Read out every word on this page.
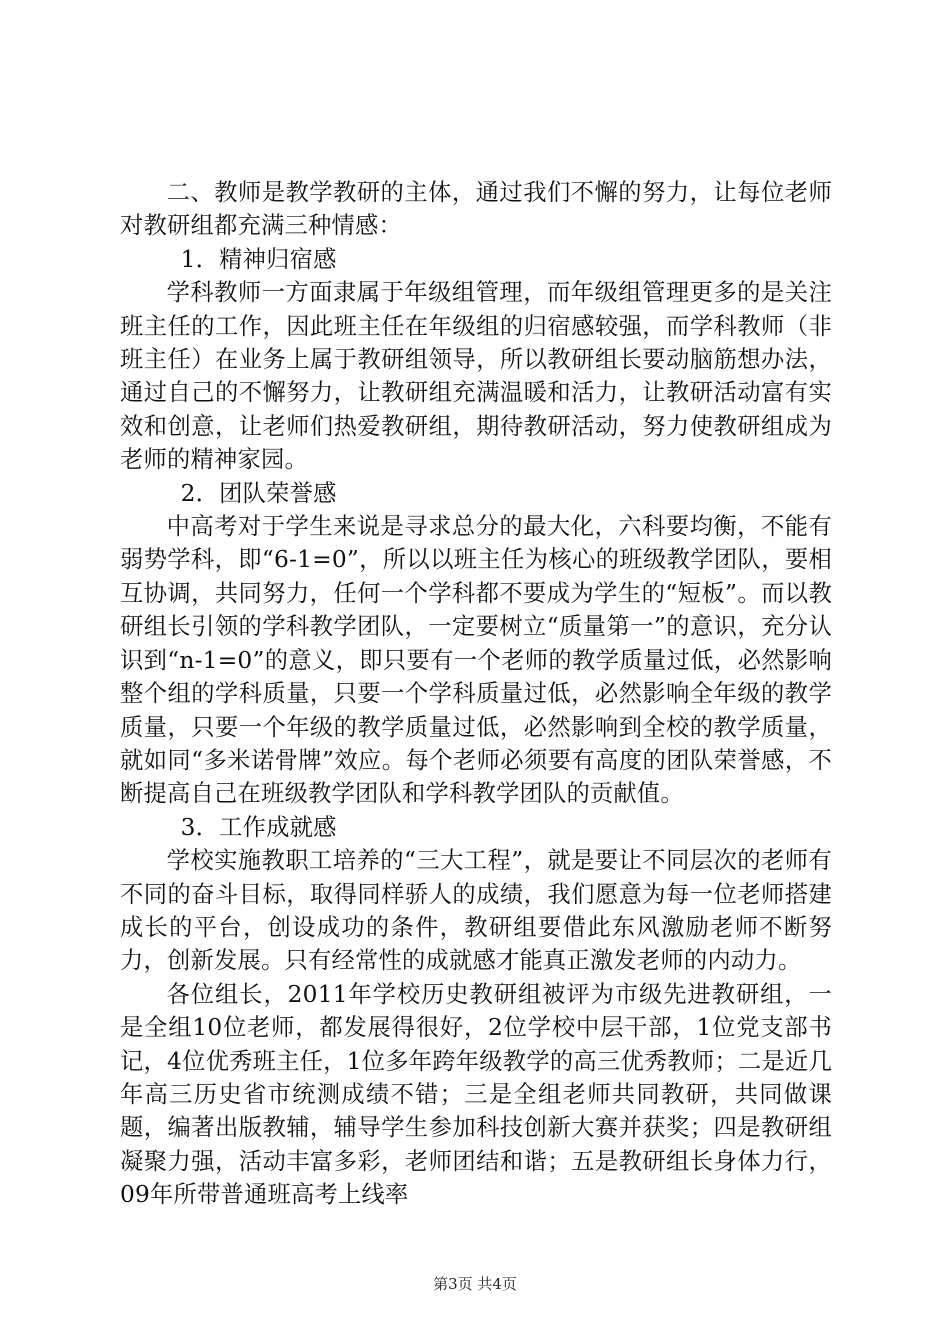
二、教师是教学教研的主体，通过我们不懈的努力，让每位老师对教研组都充满三种情感：

1．精神归宿感

学科教师一方面隶属于年级组管理，而年级组管理更多的是关注班主任的工作，因此班主任在年级组的归宿感较强，而学科教师（非班主任）在业务上属于教研组领导，所以教研组长要动脑筋想办法，通过自己的不懈努力，让教研组充满温暖和活力，让教研活动富有实效和创意，让老师们热爱教研组，期待教研活动，努力使教研组成为老师的精神家园。

2．团队荣誉感

中高考对于学生来说是寻求总分的最大化，六科要均衡，不能有弱势学科，即“6-1=0”，所以以班主任为核心的班级教学团队，要相互协调，共同努力，任何一个学科都不要成为学生的“短板”。而以教研组长引领的学科教学团队，一定要树立“质量第一”的意识，充分认识到“n-1=0”的意义，即只要有一个老师的教学质量过低，必然影响整个组的学科质量，只要一个学科质量过低，必然影响全年级的教学质量，只要一个年级的教学质量过低，必然影响到全校的教学质量，就如同“多米诺骨牌”效应。每个老师必须要有高度的团队荣誉感，不断提高自己在班级教学团队和学科教学团队的贡献值。

3．工作成就感

学校实施教职工培养的“三大工程”，就是要让不同层次的老师有不同的奋斗目标，取得同样骄人的成绩，我们愿意为每一位老师搭建成长的平台，创设成功的条件，教研组要借此东风激励老师不断努力，创新发展。只有经常性的成就感才能真正激发老师的内动力。

各位组长，2011年学校历史教研组被评为市级先进教研组，一是全组10位老师，都发展得很好，2位学校中层干部，1位党支部书记，4位优秀班主任，1位多年跨年级教学的高三优秀教师；二是近几年高三历史省市统测成绩不错；三是全组老师共同教研，共同做课题，编著出版教辅，辅导学生参加科技创新大赛并获奖；四是教研组凝聚力强，活动丰富多彩，老师团结和谐；五是教研组长身体力行，09年所带普通班高考上线率

第3页 共4页
